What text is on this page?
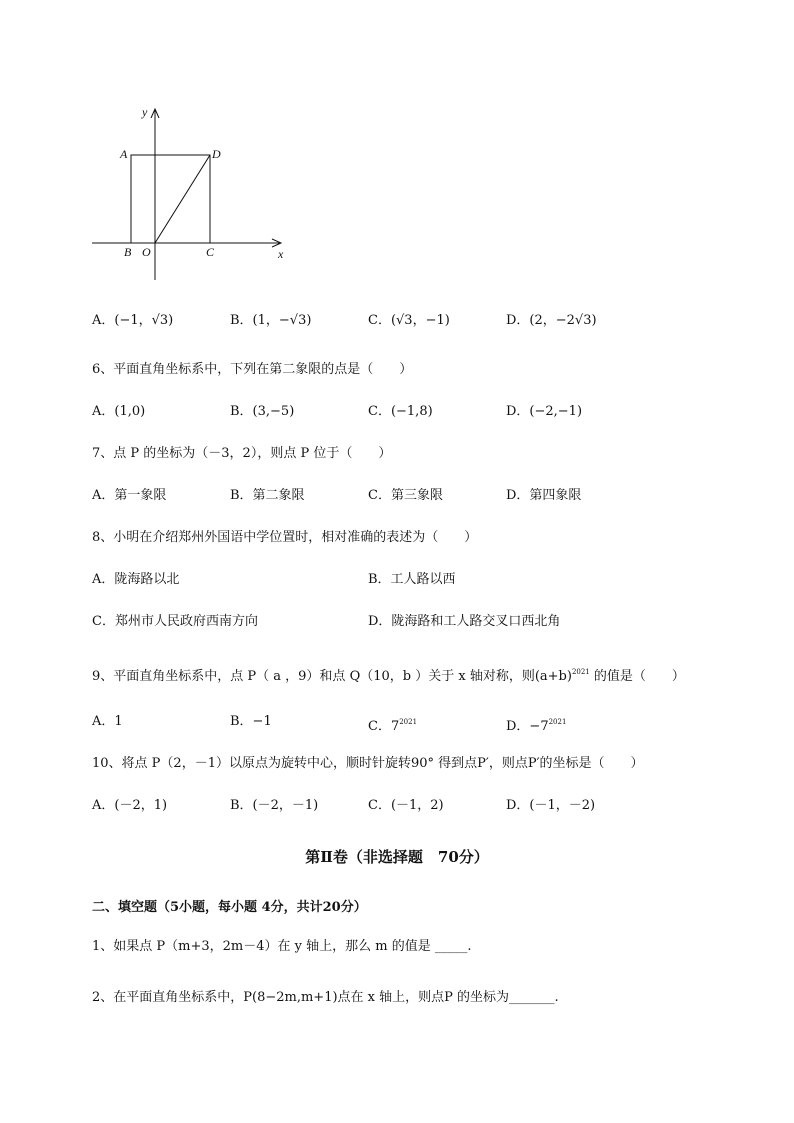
y
x
A	D
B O	C
A．(−1，√3)	B．(1，−√3)	C．(√3，−1)	D．(2，−2√3)
6、平面直角坐标系中，下列在第二象限的点是（　　）
A．(1,0)	B．(3,−5)	C．(−1,8)	D．(−2,−1)
7、点 P 的坐标为（－3，2），则点 P 位于（　　）
A．第一象限	B．第二象限	C．第三象限	D．第四象限
8、小明在介绍郑州外国语中学位置时，相对准确的表述为（　　）
A．陇海路以北	B．工人路以西
C．郑州市人民政府西南方向	D．陇海路和工人路交叉口西北角
9、平面直角坐标系中，点 P（ a ，9）和点 Q（10，b ）关于 x 轴对称，则$(a+b)^{2021}$ 的值是（　　）
A．1	B．−1	C．$7^{2021}$	D．$-7^{2021}$
10、将点 P（2，－1）以原点为旋转中心，顺时针旋转90° 得到点P′，则点P′的坐标是（　　）
A．(－2，1)	B．(－2，－1)	C．(－1，2)	D．(－1，－2)
第Ⅱ卷（非选择题　70分）
二、填空题（5小题，每小题 4分，共计20分）
1、如果点 P（m+3，2m－4）在 y 轴上，那么 m 的值是 _____.
2、在平面直角坐标系中，P(8−2m,m+1)点在 x 轴上，则点P 的坐标为_______.
